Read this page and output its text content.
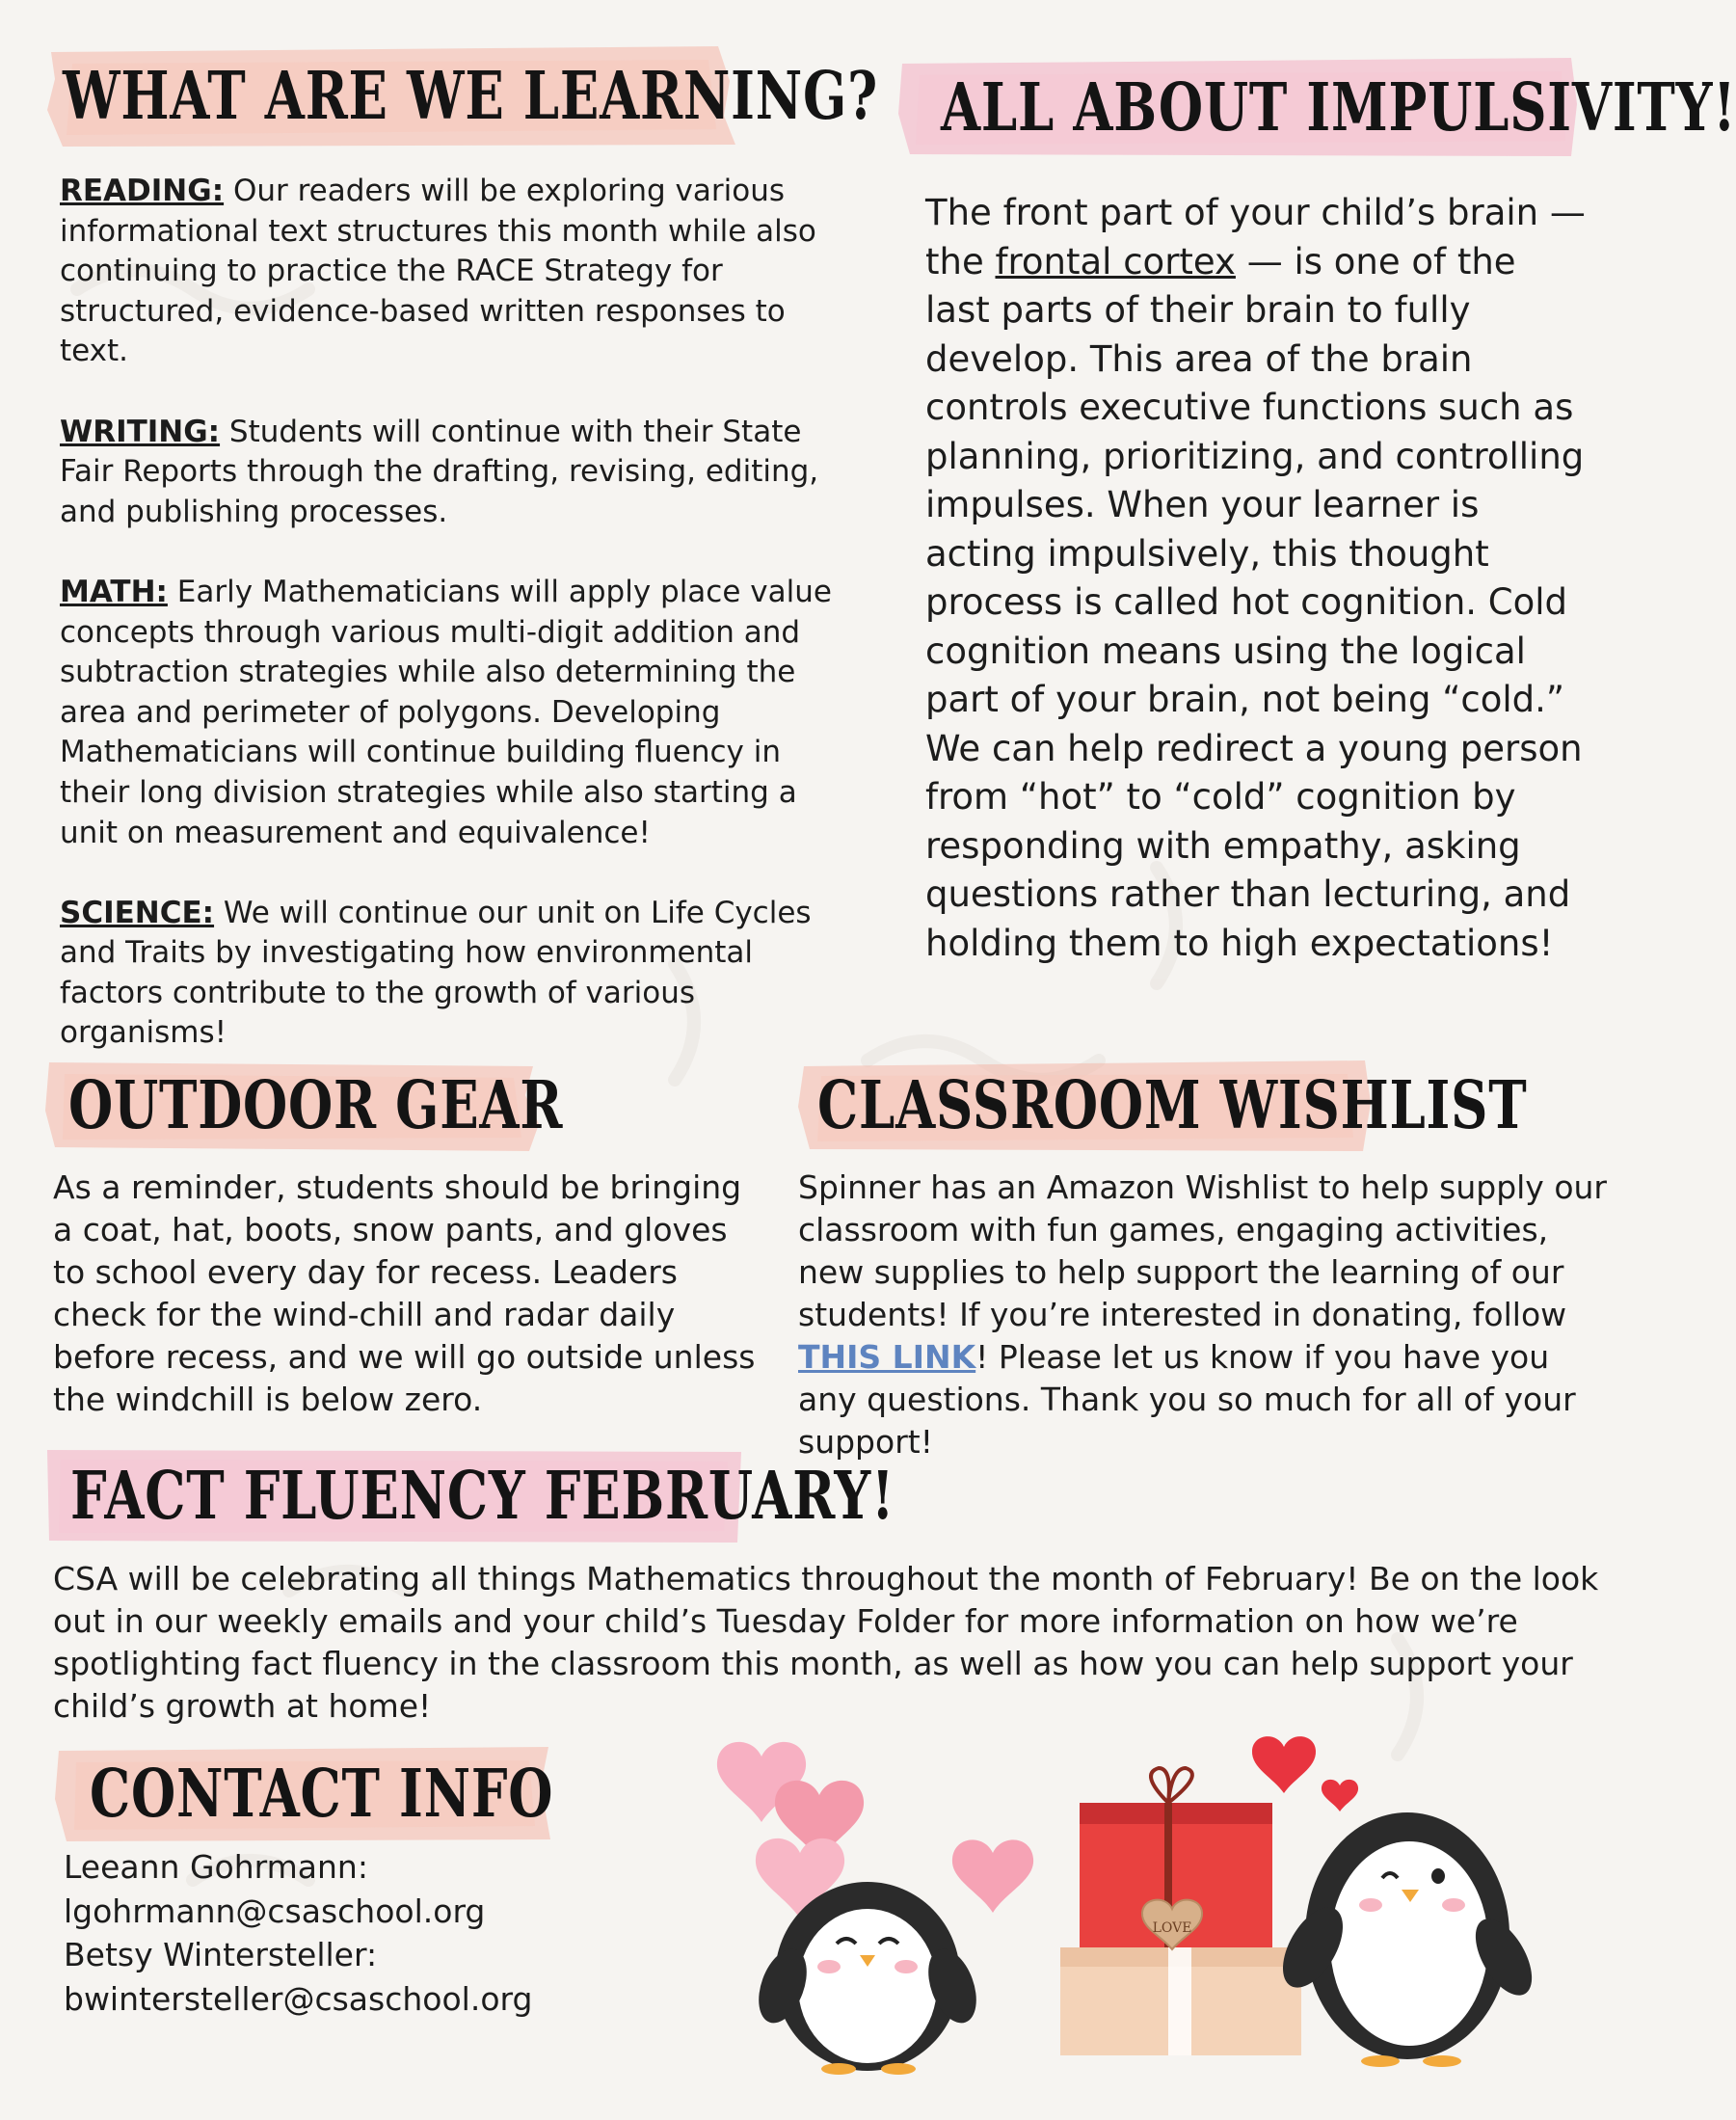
WHAT ARE WE LEARNING?

READING: Our readers will be exploring various informational text structures this month while also continuing to practice the RACE Strategy for structured, evidence-based written responses to text.

WRITING: Students will continue with their State Fair Reports through the drafting, revising, editing, and publishing processes.

MATH: Early Mathematicians will apply place value concepts through various multi-digit addition and subtraction strategies while also determining the area and perimeter of polygons. Developing Mathematicians will continue building fluency in their long division strategies while also starting a unit on measurement and equivalence!

SCIENCE: We will continue our unit on Life Cycles and Traits by investigating how environmental factors contribute to the growth of various organisms!

ALL ABOUT IMPULSIVITY!

The front part of your child’s brain — the frontal cortex — is one of the last parts of their brain to fully develop. This area of the brain controls executive functions such as planning, prioritizing, and controlling impulses. When your learner is acting impulsively, this thought process is called hot cognition. Cold cognition means using the logical part of your brain, not being “cold.” We can help redirect a young person from “hot” to “cold” cognition by responding with empathy, asking questions rather than lecturing, and holding them to high expectations!

OUTDOOR GEAR

As a reminder, students should be bringing a coat, hat, boots, snow pants, and gloves to school every day for recess. Leaders check for the wind-chill and radar daily before recess, and we will go outside unless the windchill is below zero.

CLASSROOM WISHLIST

Spinner has an Amazon Wishlist to help supply our classroom with fun games, engaging activities, new supplies to help support the learning of our students! If you’re interested in donating, follow THIS LINK! Please let us know if you have you any questions. Thank you so much for all of your support!

FACT FLUENCY FEBRUARY!

CSA will be celebrating all things Mathematics throughout the month of February! Be on the look out in our weekly emails and your child’s Tuesday Folder for more information on how we’re spotlighting fact fluency in the classroom this month, as well as how you can help support your child’s growth at home!

CONTACT INFO

Leeann Gohrmann:

lgohrmann@csaschool.org

Betsy Wintersteller:

bwintersteller@csaschool.org

LOVE
